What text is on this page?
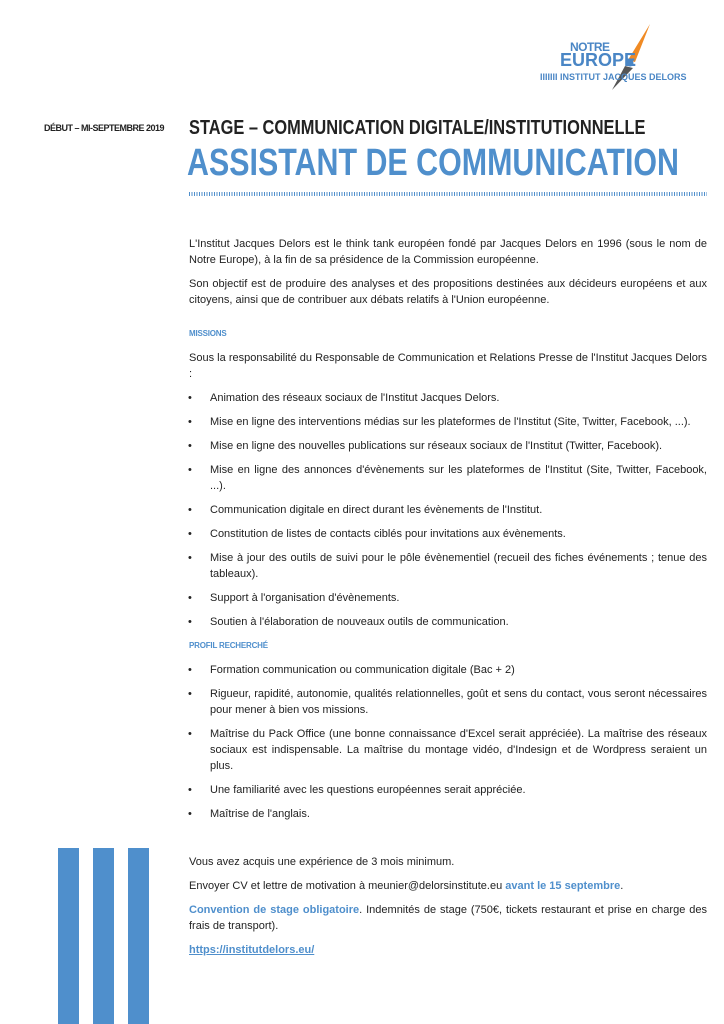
NOTRE
EUROPE
IIIIIII INSTITUT JACQUES DELORS
DÉBUT – MI-SEPTEMBRE 2019 STAGE – COMMUNICATION DIGITALE/INSTITUTIONNELLE
ASSISTANT DE COMMUNICATION

L'Institut Jacques Delors est le think tank européen fondé par Jacques Delors en 1996 (sous le nom de Notre Europe), à la fin de sa présidence de la Commission européenne.

Son objectif est de produire des analyses et des propositions destinées aux décideurs européens et aux citoyens, ainsi que de contribuer aux débats relatifs à l'Union européenne.

MISSIONS

Sous la responsabilité du Responsable de Communication et Relations Presse de l'Institut Jacques Delors :

• Animation des réseaux sociaux de l'Institut Jacques Delors.
• Mise en ligne des interventions médias sur les plateformes de l'Institut (Site, Twitter, Facebook, ...).
• Mise en ligne des nouvelles publications sur réseaux sociaux de l'Institut (Twitter, Facebook).
• Mise en ligne des annonces d'évènements sur les plateformes de l'Institut (Site, Twitter, Facebook, ...).
• Communication digitale en direct durant les évènements de l'Institut.
• Constitution de listes de contacts ciblés pour invitations aux évènements.
• Mise à jour des outils de suivi pour le pôle évènementiel (recueil des fiches événements ; tenue des tableaux).
• Support à l'organisation d'évènements.
• Soutien à l'élaboration de nouveaux outils de communication.
PROFIL RECHERCHÉ
• Formation communication ou communication digitale (Bac + 2)
• Rigueur, rapidité, autonomie, qualités relationnelles, goût et sens du contact, vous seront nécessaires pour mener à bien vos missions.
• Maîtrise du Pack Office (une bonne connaissance d'Excel serait appréciée). La maîtrise des réseaux sociaux est indispensable. La maîtrise du montage vidéo, d'Indesign et de Wordpress seraient un plus.
• Une familiarité avec les questions européennes serait appréciée.
• Maîtrise de l'anglais.

Vous avez acquis une expérience de 3 mois minimum.

Envoyer CV et lettre de motivation à meunier@delorsinstitute.eu avant le 15 septembre.

Convention de stage obligatoire. Indemnités de stage (750€, tickets restaurant et prise en charge des frais de transport).

https://institutdelors.eu/
